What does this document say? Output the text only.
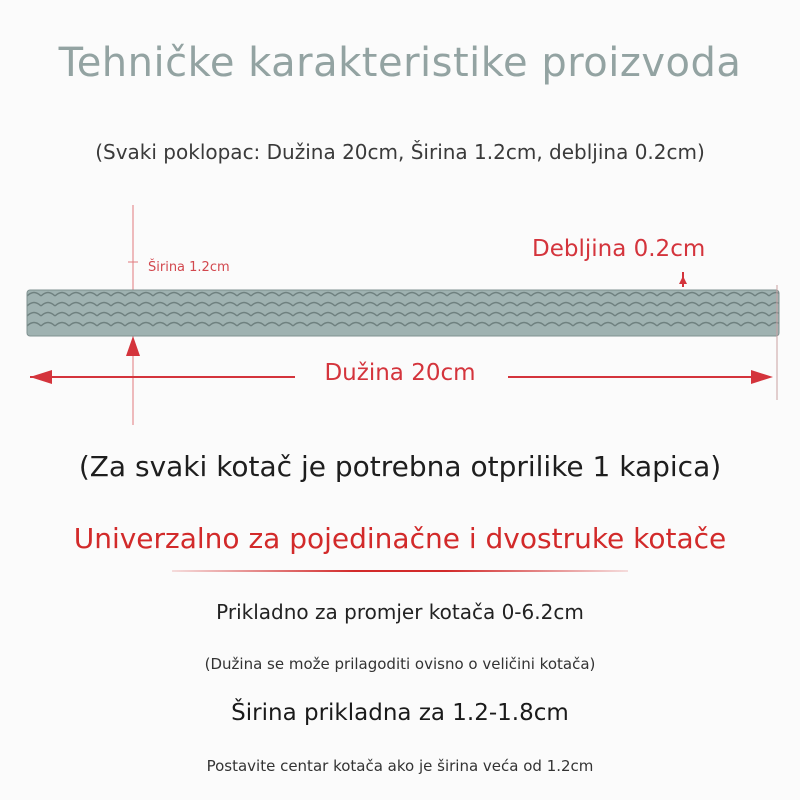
Tehničke karakteristike proizvoda
(Svaki poklopac: Dužina 20cm, Širina 1.2cm, debljina 0.2cm)
Širina 1.2cm
Debljina 0.2cm
Dužina 20cm
(Za svaki kotač je potrebna otprilike 1 kapica)
Univerzalno za pojedinačne i dvostruke kotače
Prikladno za promjer kotača 0-6.2cm
(Dužina se može prilagoditi ovisno o veličini kotača)
Širina prikladna za 1.2-1.8cm
Postavite centar kotača ako je širina veća od 1.2cm
